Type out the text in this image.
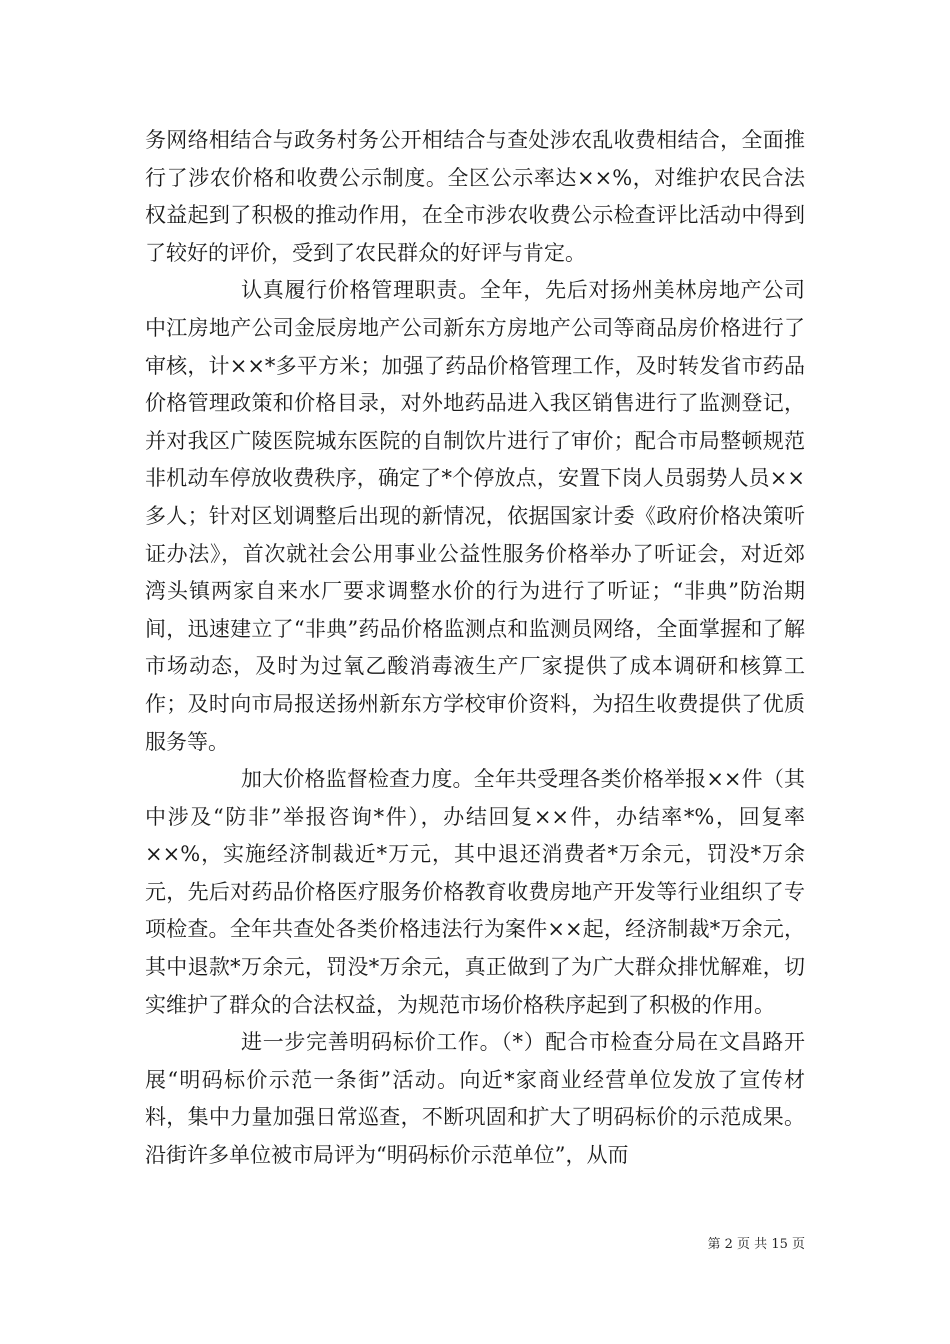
务网络相结合与政务村务公开相结合与查处涉农乱收费相结合，全面推行了涉农价格和收费公示制度。全区公示率达××%，对维护农民合法权益起到了积极的推动作用，在全市涉农收费公示检查评比活动中得到了较好的评价，受到了农民群众的好评与肯定。

认真履行价格管理职责。全年，先后对扬州美林房地产公司中江房地产公司金辰房地产公司新东方房地产公司等商品房价格进行了审核，计××*多平方米；加强了药品价格管理工作，及时转发省市药品价格管理政策和价格目录，对外地药品进入我区销售进行了监测登记，并对我区广陵医院城东医院的自制饮片进行了审价；配合市局整顿规范非机动车停放收费秩序，确定了*个停放点，安置下岗人员弱势人员××多人；针对区划调整后出现的新情况，依据国家计委《政府价格决策听证办法》，首次就社会公用事业公益性服务价格举办了听证会，对近郊湾头镇两家自来水厂要求调整水价的行为进行了听证；“非典”防治期间，迅速建立了“非典”药品价格监测点和监测员网络，全面掌握和了解市场动态，及时为过氧乙酸消毒液生产厂家提供了成本调研和核算工作；及时向市局报送扬州新东方学校审价资料，为招生收费提供了优质服务等。

加大价格监督检查力度。全年共受理各类价格举报××件（其中涉及“防非”举报咨询*件），办结回复××件，办结率*%，回复率××%，实施经济制裁近*万元，其中退还消费者*万余元，罚没*万余元，先后对药品价格医疗服务价格教育收费房地产开发等行业组织了专项检查。全年共查处各类价格违法行为案件××起，经济制裁*万余元，其中退款*万余元，罚没*万余元，真正做到了为广大群众排忧解难，切实维护了群众的合法权益，为规范市场价格秩序起到了积极的作用。

进一步完善明码标价工作。（*）配合市检查分局在文昌路开展“明码标价示范一条街”活动。向近*家商业经营单位发放了宣传材料，集中力量加强日常巡查，不断巩固和扩大了明码标价的示范成果。沿街许多单位被市局评为“明码标价示范单位”，从而

第 2 页 共 15 页
